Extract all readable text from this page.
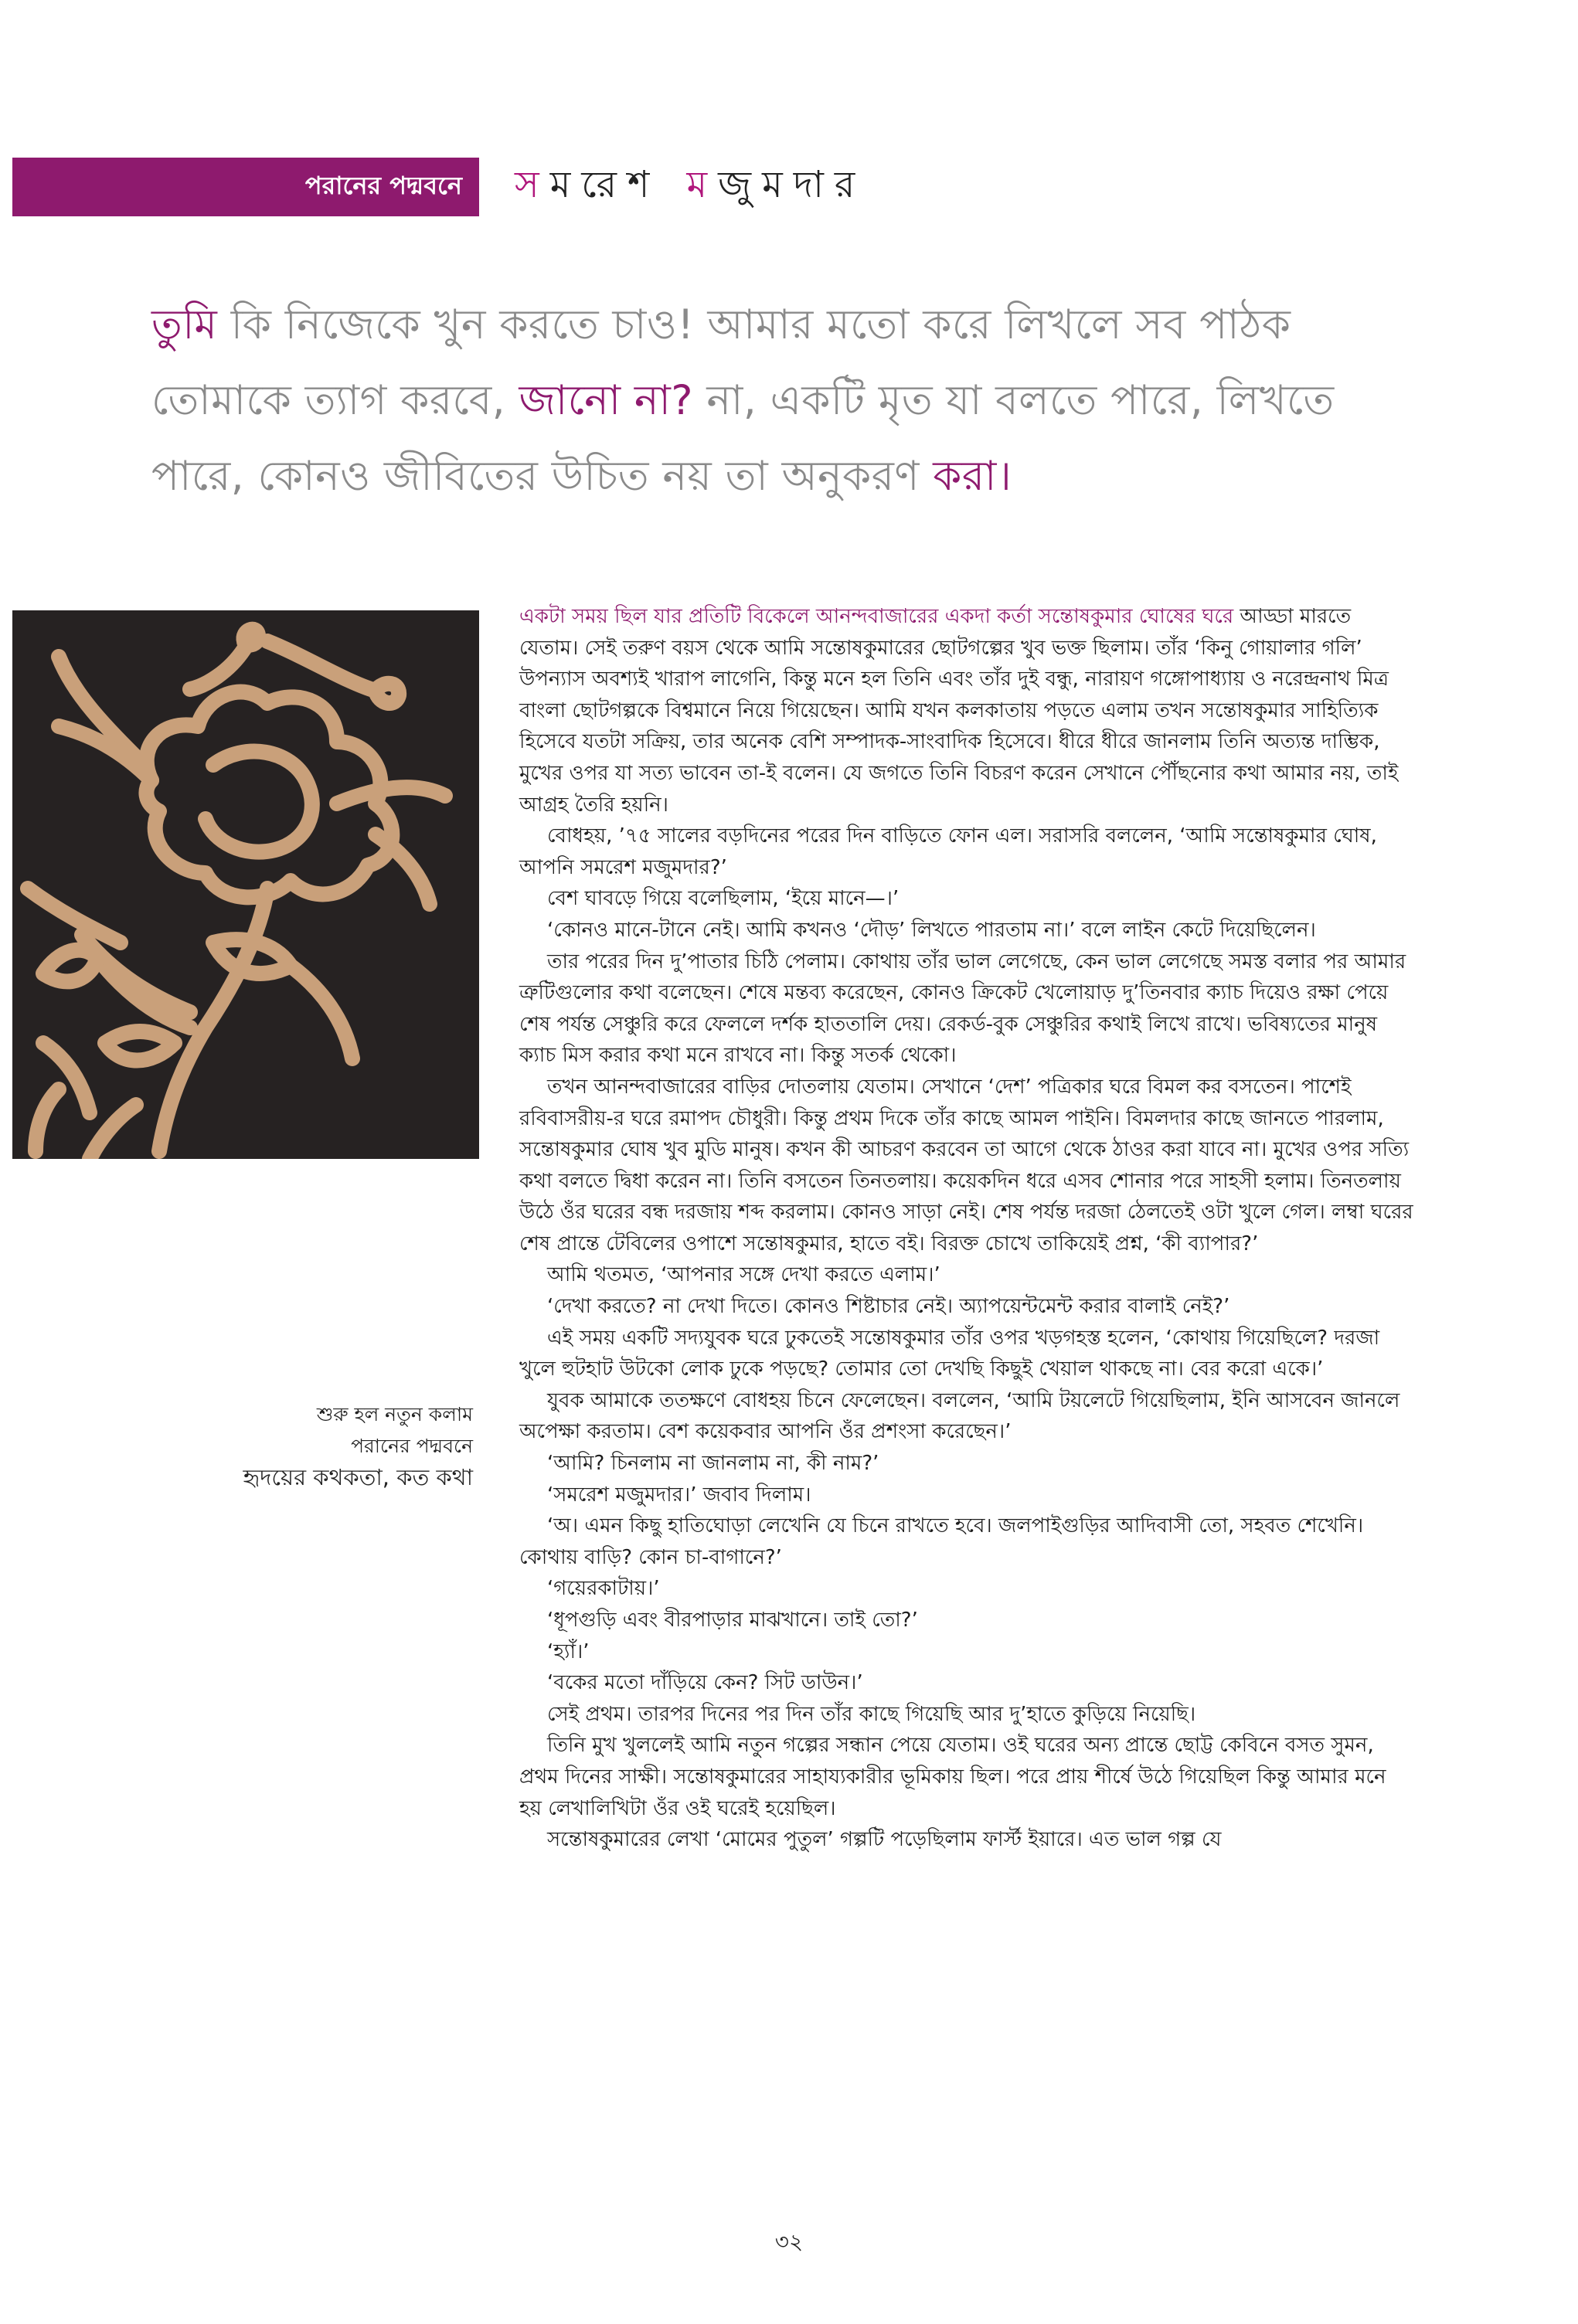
পরানের পদ্মবনে স মরেশ ম জুমদার
তুমি কি নিজেকে খুন করতে চাও! আমার মতো করে লিখলে সব পাঠক তোমাকে ত্যাগ করবে, জানো না? না, একটি মৃত যা বলতে পারে, লিখতে পারে, কোনও জীবিতের উচিত নয় তা অনুকরণ করা।
শুরু হল নতুন কলাম
পরানের পদ্মবনে
হৃদয়ের কথকতা, কত কথা

একটা সময় ছিল যার প্রতিটি বিকেলে আনন্দবাজারের একদা কর্তা সন্তোষকুমার ঘোষের ঘরে আড্ডা মারতে যেতাম। সেই তরুণ বয়স থেকে আমি সন্তোষকুমারের ছোটগল্পের খুব ভক্ত ছিলাম। তাঁর ‘কিনু গোয়ালার গলি’ উপন্যাস অবশ্যই খারাপ লাগেনি, কিন্তু মনে হল তিনি এবং তাঁর দুই বন্ধু, নারায়ণ গঙ্গোপাধ্যায় ও নরেন্দ্রনাথ মিত্র বাংলা ছোটগল্পকে বিশ্বমানে নিয়ে গিয়েছেন। আমি যখন কলকাতায় পড়তে এলাম তখন সন্তোষকুমার সাহিত্যিক হিসেবে যতটা সক্রিয়, তার অনেক বেশি সম্পাদক-সাংবাদিক হিসেবে। ধীরে ধীরে জানলাম তিনি অত্যন্ত দাম্ভিক, মুখের ওপর যা সত্য ভাবেন তা-ই বলেন। যে জগতে তিনি বিচরণ করেন সেখানে পৌঁছনোর কথা আমার নয়, তাই আগ্রহ তৈরি হয়নি।

বোধহয়, ’৭৫ সালের বড়দিনের পরের দিন বাড়িতে ফোন এল। সরাসরি বললেন, ‘আমি সন্তোষকুমার ঘোষ, আপনি সমরেশ মজুমদার?’

বেশ ঘাবড়ে গিয়ে বলেছিলাম, ‘ইয়ে মানে—।’

‘কোনও মানে-টানে নেই। আমি কখনও ‘দৌড়’ লিখতে পারতাম না।’ বলে লাইন কেটে দিয়েছিলেন।

তার পরের দিন দু’পাতার চিঠি পেলাম। কোথায় তাঁর ভাল লেগেছে, কেন ভাল লেগেছে সমস্ত বলার পর আমার ত্রুটিগুলোর কথা বলেছেন। শেষে মন্তব্য করেছেন, কোনও ক্রিকেট খেলোয়াড় দু’তিনবার ক্যাচ দিয়েও রক্ষা পেয়ে শেষ পর্যন্ত সেঞ্চুরি করে ফেললে দর্শক হাততালি দেয়। রেকর্ড-বুক সেঞ্চুরির কথাই লিখে রাখে। ভবিষ্যতের মানুষ ক্যাচ মিস করার কথা মনে রাখবে না। কিন্তু সতর্ক থেকো।

তখন আনন্দবাজারের বাড়ির দোতলায় যেতাম। সেখানে ‘দেশ’ পত্রিকার ঘরে বিমল কর বসতেন। পাশেই রবিবাসরীয়-র ঘরে রমাপদ চৌধুরী। কিন্তু প্রথম দিকে তাঁর কাছে আমল পাইনি। বিমলদার কাছে জানতে পারলাম, সন্তোষকুমার ঘোষ খুব মুডি মানুষ। কখন কী আচরণ করবেন তা আগে থেকে ঠাওর করা যাবে না। মুখের ওপর সত্যি কথা বলতে দ্বিধা করেন না। তিনি বসতেন তিনতলায়। কয়েকদিন ধরে এসব শোনার পরে সাহসী হলাম। তিনতলায় উঠে ওঁর ঘরের বন্ধ দরজায় শব্দ করলাম। কোনও সাড়া নেই। শেষ পর্যন্ত দরজা ঠেলতেই ওটা খুলে গেল। লম্বা ঘরের শেষ প্রান্তে টেবিলের ওপাশে সন্তোষকুমার, হাতে বই। বিরক্ত চোখে তাকিয়েই প্রশ্ন, ‘কী ব্যাপার?’

আমি থতমত, ‘আপনার সঙ্গে দেখা করতে এলাম।’

‘দেখা করতে? না দেখা দিতে। কোনও শিষ্টাচার নেই। অ্যাপয়েন্টমেন্ট করার বালাই নেই?’

এই সময় একটি সদ্যযুবক ঘরে ঢুকতেই সন্তোষকুমার তাঁর ওপর খড়গহস্ত হলেন, ‘কোথায় গিয়েছিলে? দরজা খুলে হুটহাট উটকো লোক ঢুকে পড়ছে? তোমার তো দেখছি কিছুই খেয়াল থাকছে না। বের করো একে।’

যুবক আমাকে ততক্ষণে বোধহয় চিনে ফেলেছেন। বললেন, ‘আমি টয়লেটে গিয়েছিলাম, ইনি আসবেন জানলে অপেক্ষা করতাম। বেশ কয়েকবার আপনি ওঁর প্রশংসা করেছেন।’

‘আমি? চিনলাম না জানলাম না, কী নাম?’

‘সমরেশ মজুমদার।’ জবাব দিলাম।

‘অ। এমন কিছু হাতিঘোড়া লেখেনি যে চিনে রাখতে হবে। জলপাইগুড়ির আদিবাসী তো, সহবত শেখেনি। কোথায় বাড়ি? কোন চা-বাগানে?’

‘গয়েরকাটায়।’

‘ধূপগুড়ি এবং বীরপাড়ার মাঝখানে। তাই তো?’

‘হ্যাঁ।’

‘বকের মতো দাঁড়িয়ে কেন? সিট ডাউন।’

সেই প্রথম। তারপর দিনের পর দিন তাঁর কাছে গিয়েছি আর দু’হাতে কুড়িয়ে নিয়েছি।

তিনি মুখ খুললেই আমি নতুন গল্পের সন্ধান পেয়ে যেতাম। ওই ঘরের অন্য প্রান্তে ছোট্ট কেবিনে বসত সুমন, প্রথম দিনের সাক্ষী। সন্তোষকুমারের সাহায্যকারীর ভূমিকায় ছিল। পরে প্রায় শীর্ষে উঠে গিয়েছিল কিন্তু আমার মনে হয় লেখালিখিটা ওঁর ওই ঘরেই হয়েছিল।

সন্তোষকুমারের লেখা ‘মোমের পুতুল’ গল্পটি পড়েছিলাম ফার্স্ট ইয়ারে। এত ভাল গল্প যে

৩২
